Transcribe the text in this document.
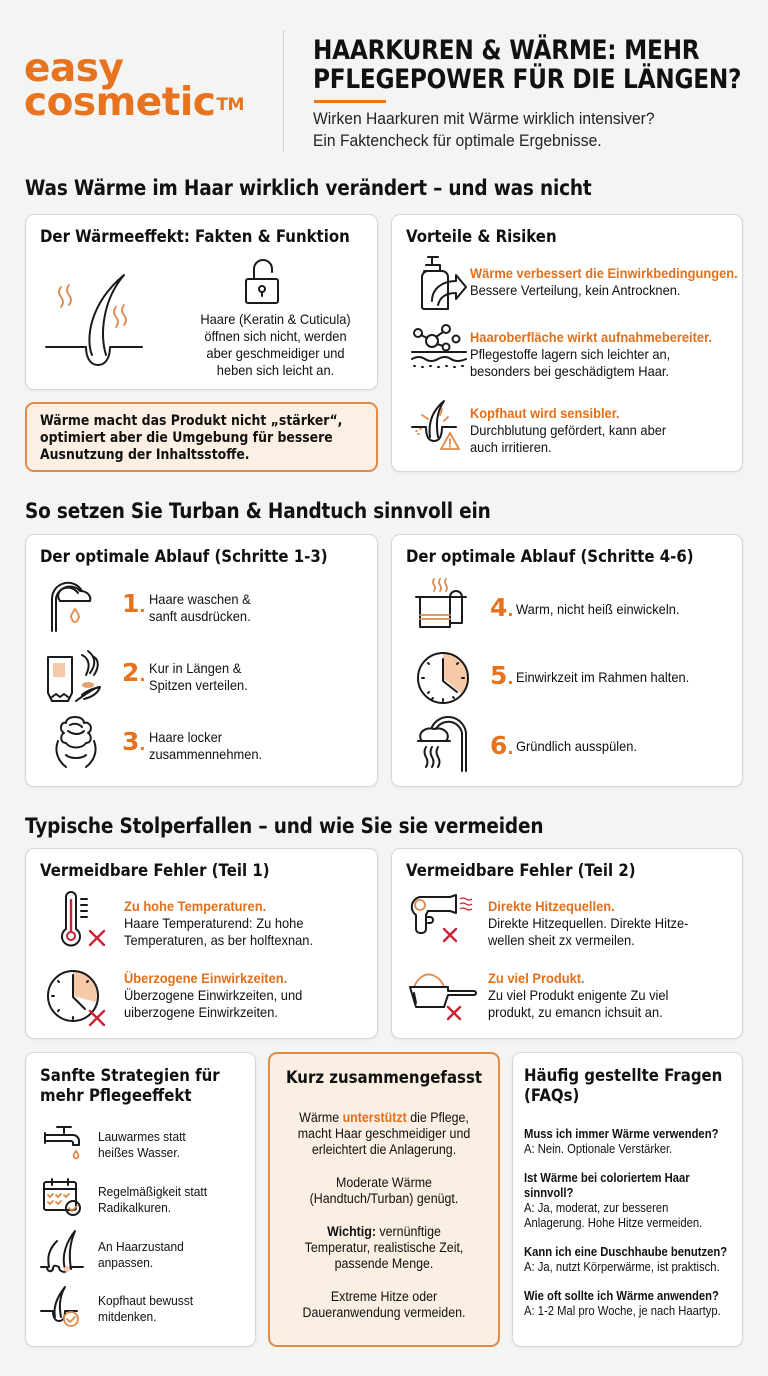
easy
cosmetic™
HAARKUREN & WÄRME: MEHR
PFLEGEPOWER FÜR DIE LÄNGEN?
Wirken Haarkuren mit Wärme wirklich intensiver?
Ein Faktencheck für optimale Ergebnisse.
Was Wärme im Haar wirklich verändert – und was nicht
Der Wärmeeffekt: Fakten & Funktion
Haare (Keratin & Cuticula)
öffnen sich nicht, werden
aber geschmeidiger und
heben sich leicht an.
Wärme macht das Produkt nicht „stärker“,
optimiert aber die Umgebung für bessere
Ausnutzung der Inhaltsstoffe.
Vorteile & Risiken
Wärme verbessert die Einwirkbedingungen.
Bessere Verteilung, kein Antrocknen.
Haaroberfläche wirkt aufnahmebereiter.
Pflegestoffe lagern sich leichter an,
besonders bei geschädigtem Haar.
Kopfhaut wird sensibler.
Durchblutung gefördert, kann aber
auch irritieren.
So setzen Sie Turban & Handtuch sinnvoll ein
Der optimale Ablauf (Schritte 1-3)
1. Haare waschen &
sanft ausdrücken.
2. Kur in Längen &
Spitzen verteilen.
3. Haare locker
zusammennehmen.
Der optimale Ablauf (Schritte 4-6)
4. Warm, nicht heiß einwickeln.
5. Einwirkzeit im Rahmen halten.
6. Gründlich ausspülen.
Typische Stolperfallen – und wie Sie sie vermeiden
Vermeidbare Fehler (Teil 1)
Zu hohe Temperaturen.
Haare Temperaturend: Zu hohe
Temperaturen, as ber holftexnan.
Überzogene Einwirkzeiten.
Überzogene Einwirkzeiten, und
uiberzogene Einwirkzeiten.
Vermeidbare Fehler (Teil 2)
Direkte Hitzequellen.
Direkte Hitzequellen. Direkte Hitze-
wellen sheit zx vermeilen.
Zu viel Produkt.
Zu viel Produkt enigente Zu viel
produkt, zu emancn ichsuit an.
Sanfte Strategien für
mehr Pflegeeffekt
Lauwarmes statt
heißes Wasser.
Regelmäßigkeit statt
Radikalkuren.
An Haarzustand
anpassen.
Kopfhaut bewusst
mitdenken.
Kurz zusammengefasst
Wärme unterstützt die Pflege,
macht Haar geschmeidiger und
erleichtert die Anlagerung.
Moderate Wärme
(Handtuch/Turban) genügt.
Wichtig: vernünftige
Temperatur, realistische Zeit,
passende Menge.
Extreme Hitze oder
Daueranwendung vermeiden.
Häufig gestellte Fragen
(FAQs)
Muss ich immer Wärme verwenden?
A: Nein. Optionale Verstärker.
Ist Wärme bei coloriertem Haar
sinnvoll?
A: Ja, moderat, zur besseren
Anlagerung. Hohe Hitze vermeiden.
Kann ich eine Duschhaube benutzen?
A: Ja, nutzt Körperwärme, ist praktisch.
Wie oft sollte ich Wärme anwenden?
A: 1-2 Mal pro Woche, je nach Haartyp.
